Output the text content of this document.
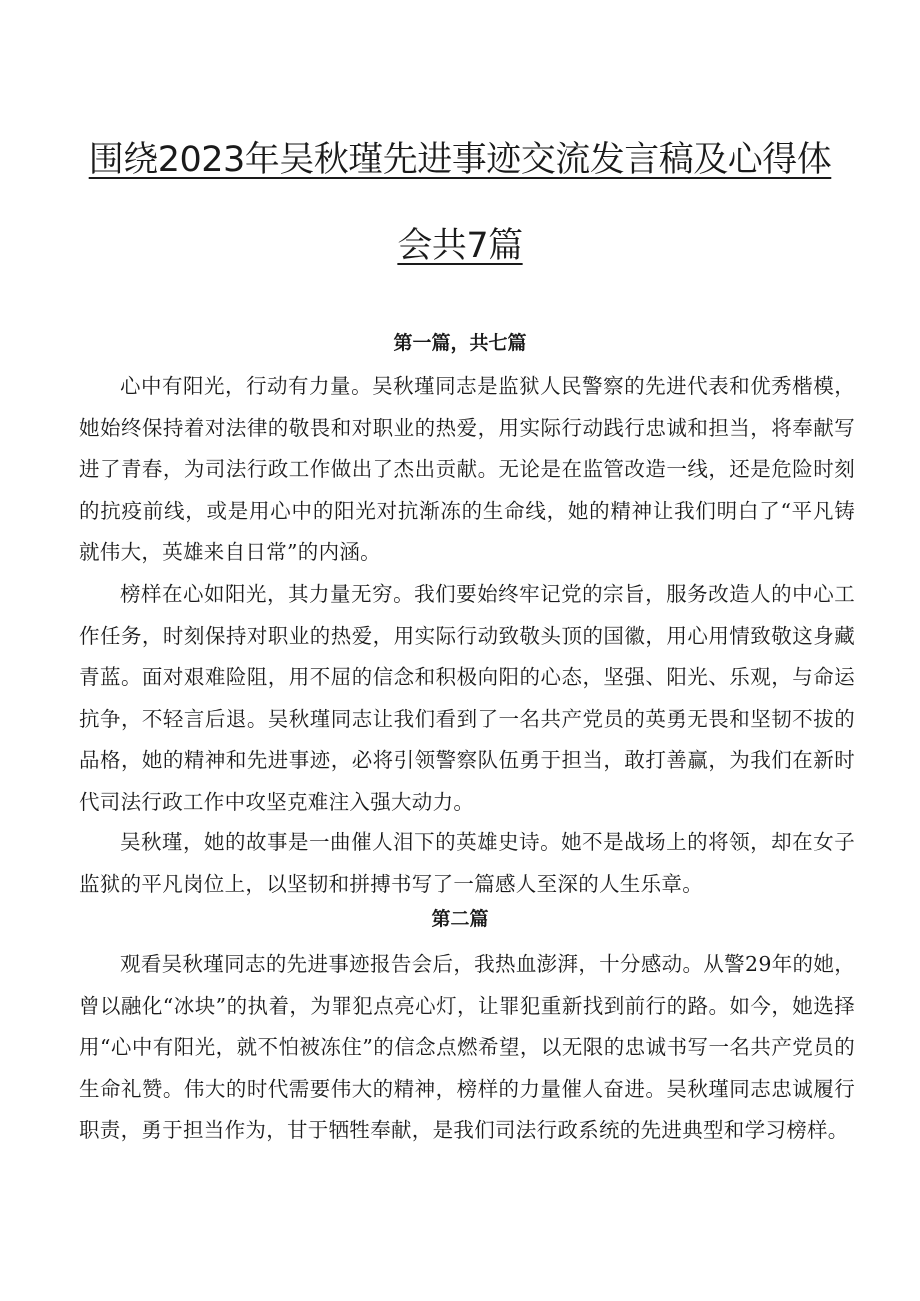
围绕2023年吴秋瑾先进事迹交流发言稿及心得体
会共7篇
第一篇，共七篇

心中有阳光，行动有力量。吴秋瑾同志是监狱人民警察的先进代表和优秀楷模，她始终保持着对法律的敬畏和对职业的热爱，用实际行动践行忠诚和担当，将奉献写进了青春，为司法行政工作做出了杰出贡献。无论是在监管改造一线，还是危险时刻的抗疫前线，或是用心中的阳光对抗渐冻的生命线，她的精神让我们明白了“平凡铸就伟大，英雄来自日常”的内涵。

榜样在心如阳光，其力量无穷。我们要始终牢记党的宗旨，服务改造人的中心工作任务，时刻保持对职业的热爱，用实际行动致敬头顶的国徽，用心用情致敬这身藏青蓝。面对艰难险阻，用不屈的信念和积极向阳的心态，坚强、阳光、乐观，与命运抗争，不轻言后退。吴秋瑾同志让我们看到了一名共产党员的英勇无畏和坚韧不拔的品格，她的精神和先进事迹，必将引领警察队伍勇于担当，敢打善赢，为我们在新时代司法行政工作中攻坚克难注入强大动力。

吴秋瑾，她的故事是一曲催人泪下的英雄史诗。她不是战场上的将领，却在女子监狱的平凡岗位上，以坚韧和拼搏书写了一篇感人至深的人生乐章。

第二篇

观看吴秋瑾同志的先进事迹报告会后，我热血澎湃，十分感动。从警29年的她，曾以融化“冰块”的执着，为罪犯点亮心灯，让罪犯重新找到前行的路。如今，她选择用“心中有阳光，就不怕被冻住”的信念点燃希望，以无限的忠诚书写一名共产党员的生命礼赞。伟大的时代需要伟大的精神，榜样的力量催人奋进。吴秋瑾同志忠诚履行职责，勇于担当作为，甘于牺牲奉献，是我们司法行政系统的先进典型和学习榜样。
